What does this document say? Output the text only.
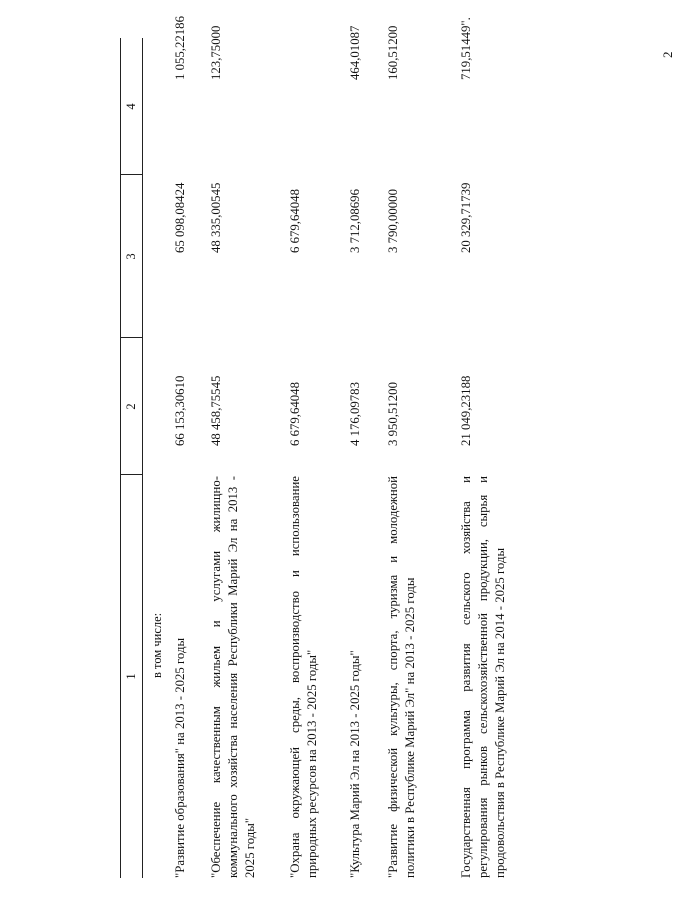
2
1
2
3
4
в том числе: "Развитие образования" на 2013 - 2025 годы
66 153,30610
65 098,08424
1 055,22186
"Обеспечение качественным жильем и услугами жилищно-коммунального хозяйства населения Республики Марий Эл на 2013 - 2025 годы"
48 458,75545
48 335,00545
123,75000
"Охрана окружающей среды, воспроизводство и использование природных ресурсов на 2013 - 2025 годы"
6 679,64048
6 679,64048
"Культура Марий Эл на 2013 - 2025 годы"
4 176,09783
3 712,08696
464,01087
"Развитие физической культуры, спорта, туризма и молодежной политики в Республике Марий Эл" на 2013 - 2025 годы
3 950,51200
3 790,00000
160,51200
Государственная программа развития сельского хозяйства и регулирования рынков сельскохозяйственной продукции, сырья и продовольствия в Республике Марий Эл на 2014 - 2025 годы
21 049,23188
20 329,71739
719,51449".
